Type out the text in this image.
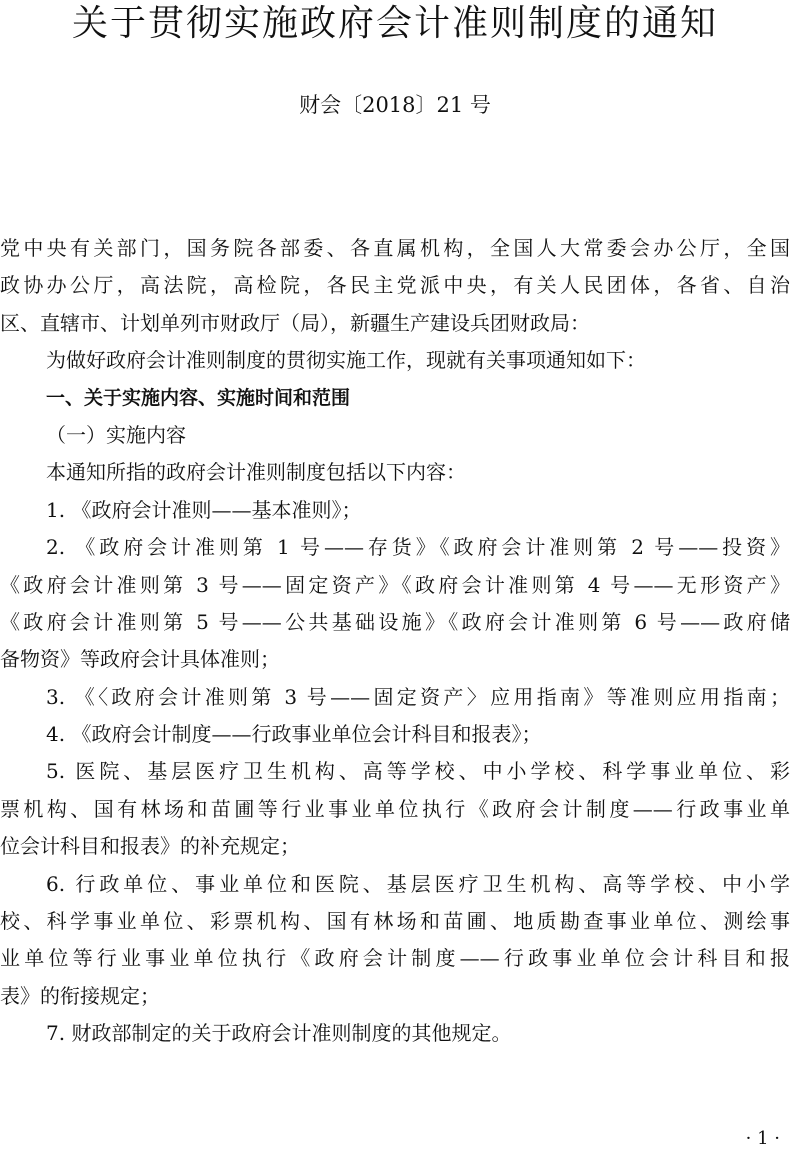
关于贯彻实施政府会计准则制度的通知
财会〔2018〕21 号
党中央有关部门，国务院各部委、各直属机构，全国人大常委会办公厅，全国
政协办公厅，高法院，高检院，各民主党派中央，有关人民团体，各省、自治
区、直辖市、计划单列市财政厅（局），新疆生产建设兵团财政局：
为做好政府会计准则制度的贯彻实施工作，现就有关事项通知如下：
一、关于实施内容、实施时间和范围
（一）实施内容
本通知所指的政府会计准则制度包括以下内容：
1. 《政府会计准则——基本准则》；
2. 《政府会计准则第 1 号——存货》《政府会计准则第 2 号——投资》
《政府会计准则第 3 号——固定资产》《政府会计准则第 4 号——无形资产》
《政府会计准则第 5 号——公共基础设施》《政府会计准则第 6 号——政府储
备物资》等政府会计具体准则；
3. 《〈政府会计准则第 3 号——固定资产〉应用指南》等准则应用指南；
4. 《政府会计制度——行政事业单位会计科目和报表》；
5. 医院、基层医疗卫生机构、高等学校、中小学校、科学事业单位、彩
票机构、国有林场和苗圃等行业事业单位执行《政府会计制度——行政事业单
位会计科目和报表》的补充规定；
6. 行政单位、事业单位和医院、基层医疗卫生机构、高等学校、中小学
校、科学事业单位、彩票机构、国有林场和苗圃、地质勘查事业单位、测绘事
业单位等行业事业单位执行《政府会计制度——行政事业单位会计科目和报
表》的衔接规定；
7. 财政部制定的关于政府会计准则制度的其他规定。
· 1 ·
